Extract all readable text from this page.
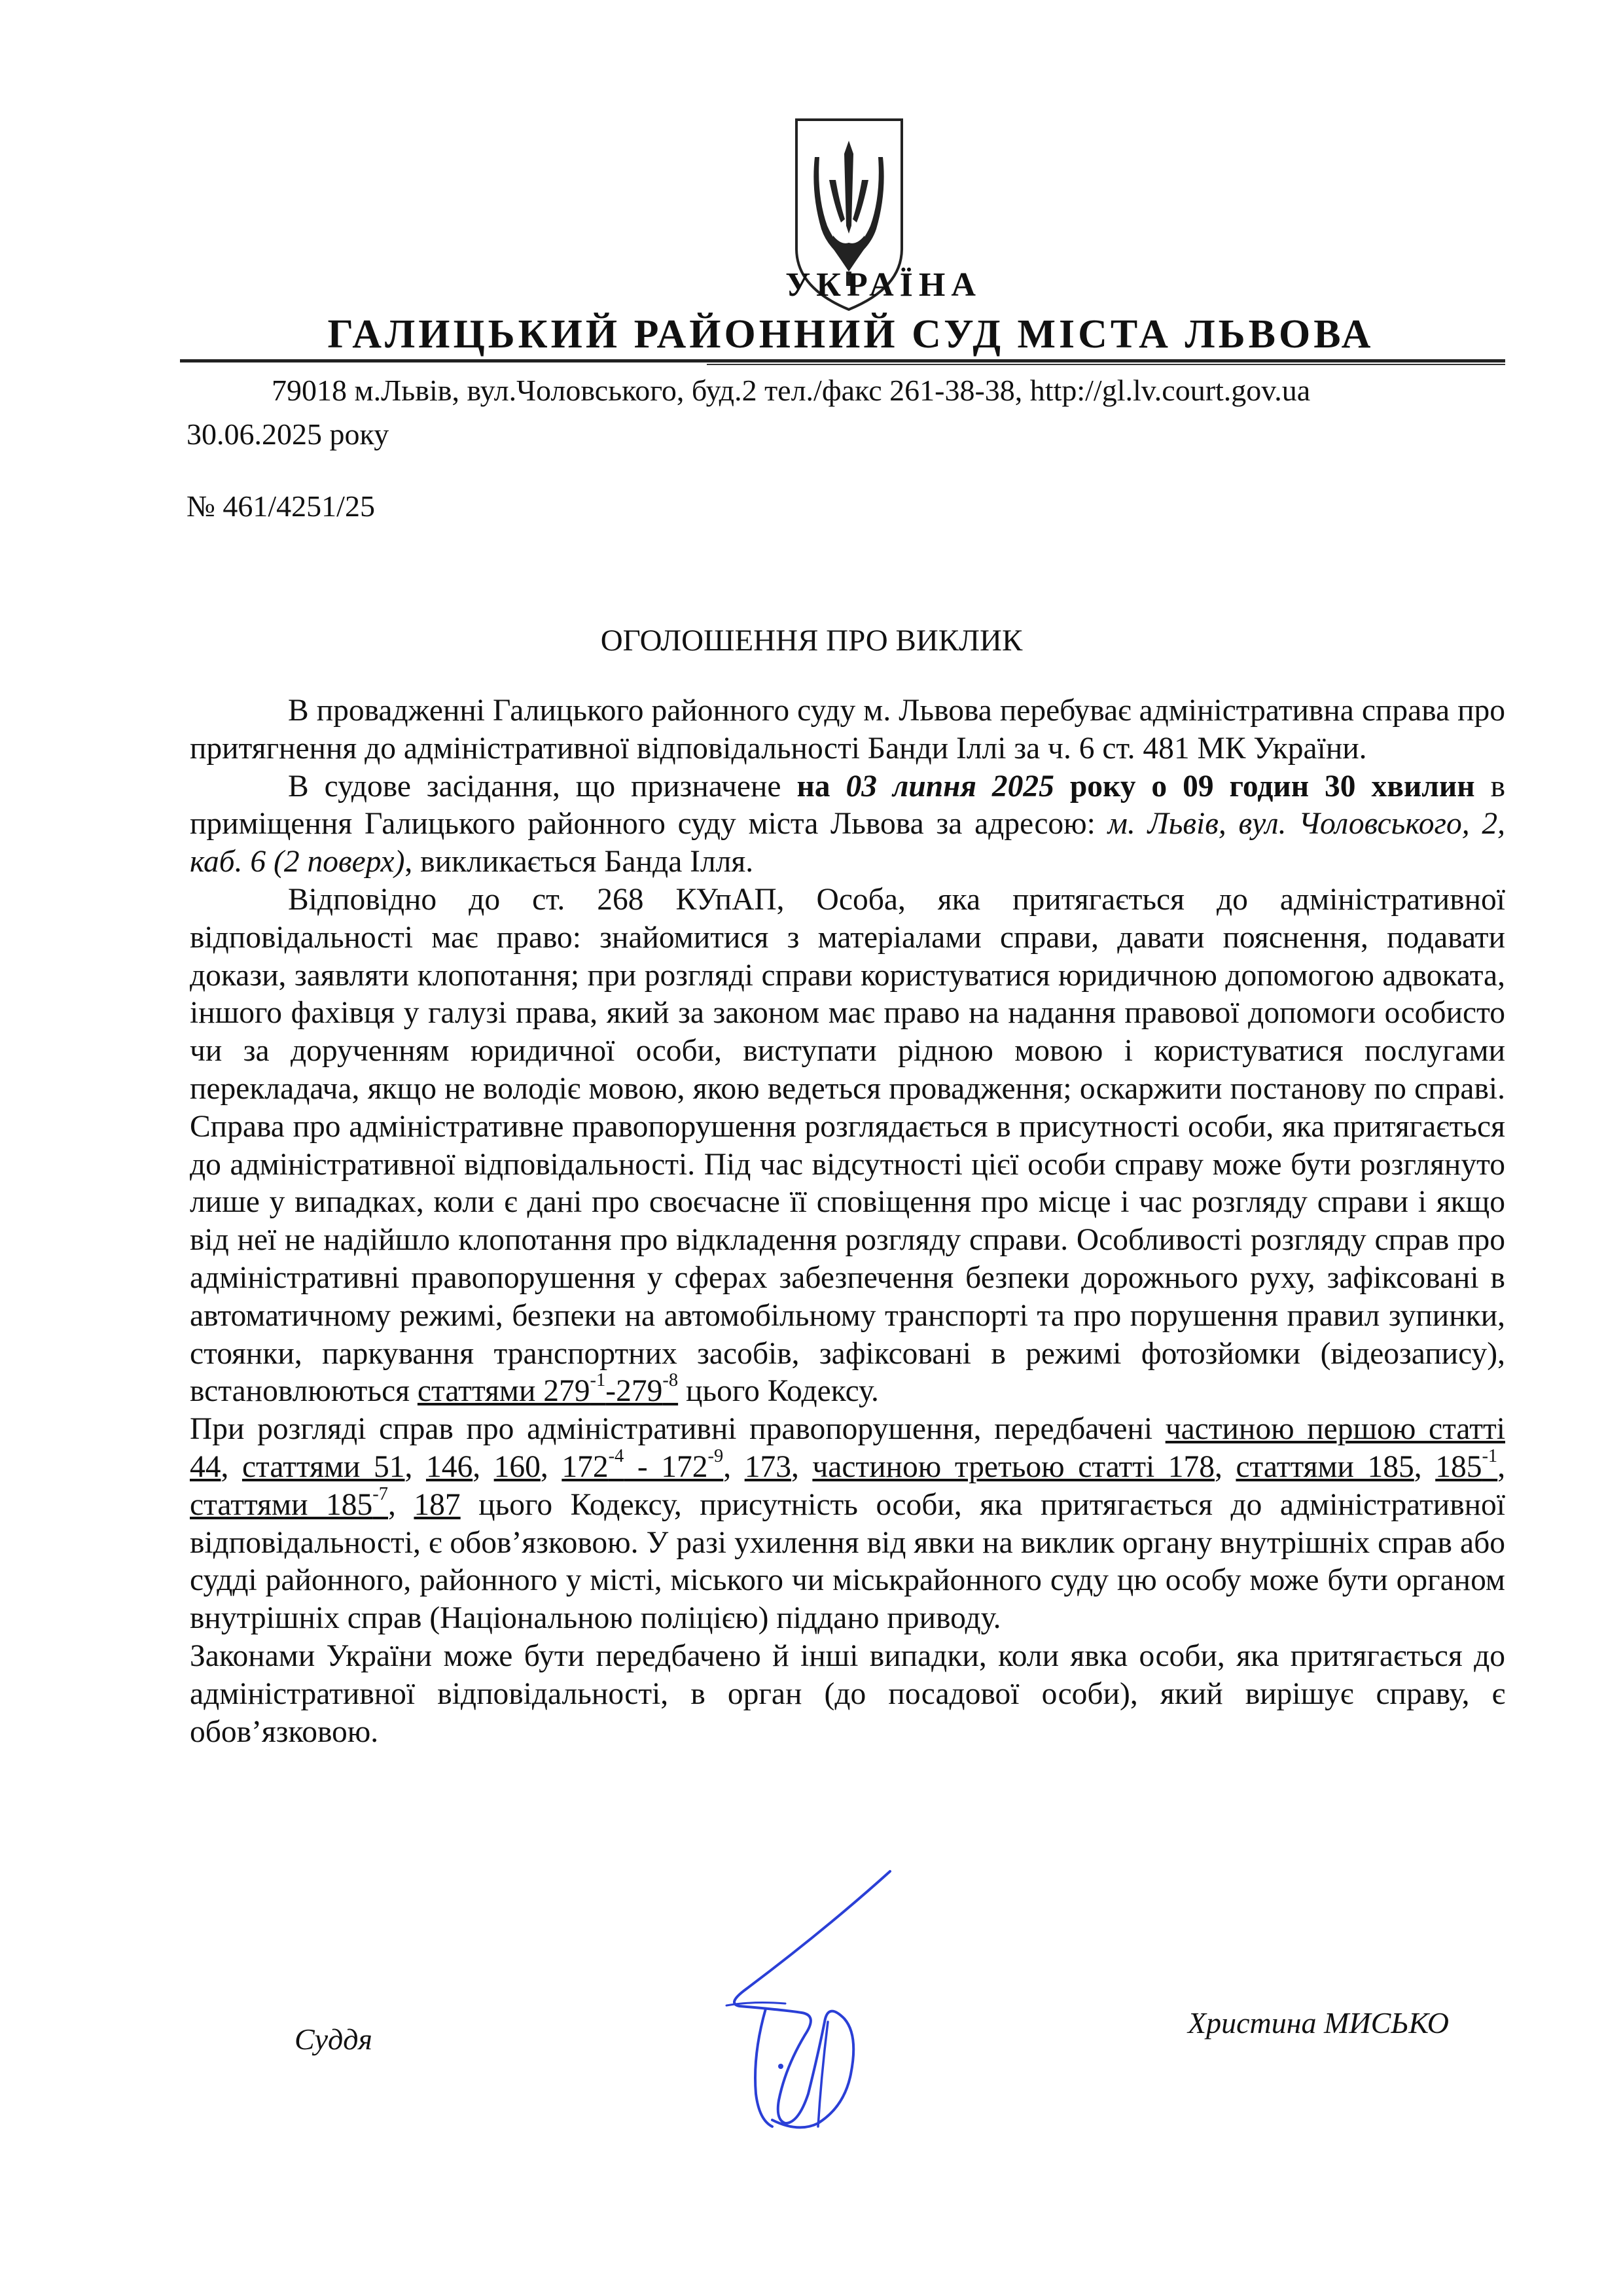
УКРАЇНА
ГАЛИЦЬКИЙ РАЙОННИЙ СУД МІСТА ЛЬВОВА
79018 м.Львів, вул.Чоловського, буд.2 тел./факс 261-38-38, http://gl.lv.court.gov.ua
30.06.2025 року
№ 461/4251/25
ОГОЛОШЕННЯ ПРО ВИКЛИК

В провадженні Галицького районного суду м. Львова перебуває адміністративна справа про притягнення до адміністративної відповідальності Банди Іллі за ч. 6 ст. 481 МК України.

В судове засідання, що призначене на 03 липня 2025 року о 09 годин 30 хвилин в приміщення Галицького районного суду міста Львова за адресою: м. Львів, вул. Чоловського, 2, каб. 6 (2 поверх), викликається Банда Ілля.

Відповідно до ст. 268 КУпАП, Особа, яка притягається до адміністративної відповідальності має право: знайомитися з матеріалами справи, давати пояснення, подавати докази, заявляти клопотання; при розгляді справи користуватися юридичною допомогою адвоката, іншого фахівця у галузі права, який за законом має право на надання правової допомоги особисто чи за дорученням юридичної особи, виступати рідною мовою і користуватися послугами перекладача, якщо не володіє мовою, якою ведеться провадження; оскаржити постанову по справі. Справа про адміністративне правопорушення розглядається в присутності особи, яка притягається до адміністративної відповідальності. Під час відсутності цієї особи справу може бути розглянуто лише у випадках, коли є дані про своєчасне її сповіщення про місце і час розгляду справи і якщо від неї не надійшло клопотання про відкладення розгляду справи. Особливості розгляду справ про адміністративні правопорушення у сферах забезпечення безпеки дорожнього руху, зафіксовані в автоматичному режимі, безпеки на автомобільному транспорті та про порушення правил зупинки, стоянки, паркування транспортних засобів, зафіксовані в режимі фотозйомки (відеозапису), встановлюються статтями $279^{-1}-279^{-8}$ цього Кодексу.

При розгляді справ про адміністративні правопорушення, передбачені частиною першою статті 44, статтями 51, 146, 160, $172^{-4} - 172^{-9}$, 173, частиною третьою статті 178, статтями 185, $185^{-1}$, статтями $185^{-7}$, 187 цього Кодексу, присутність особи, яка притягається до адміністративної відповідальності, є обов’язковою. У разі ухилення від явки на виклик органу внутрішніх справ або судді районного, районного у місті, міського чи міськрайонного суду цю особу може бути органом внутрішніх справ (Національною поліцією) піддано приводу.

Законами України може бути передбачено й інші випадки, коли явка особи, яка притягається до адміністративної відповідальності, в орган (до посадової особи), який вирішує справу, є обов’язковою.

Суддя	Христина МИСЬКО
